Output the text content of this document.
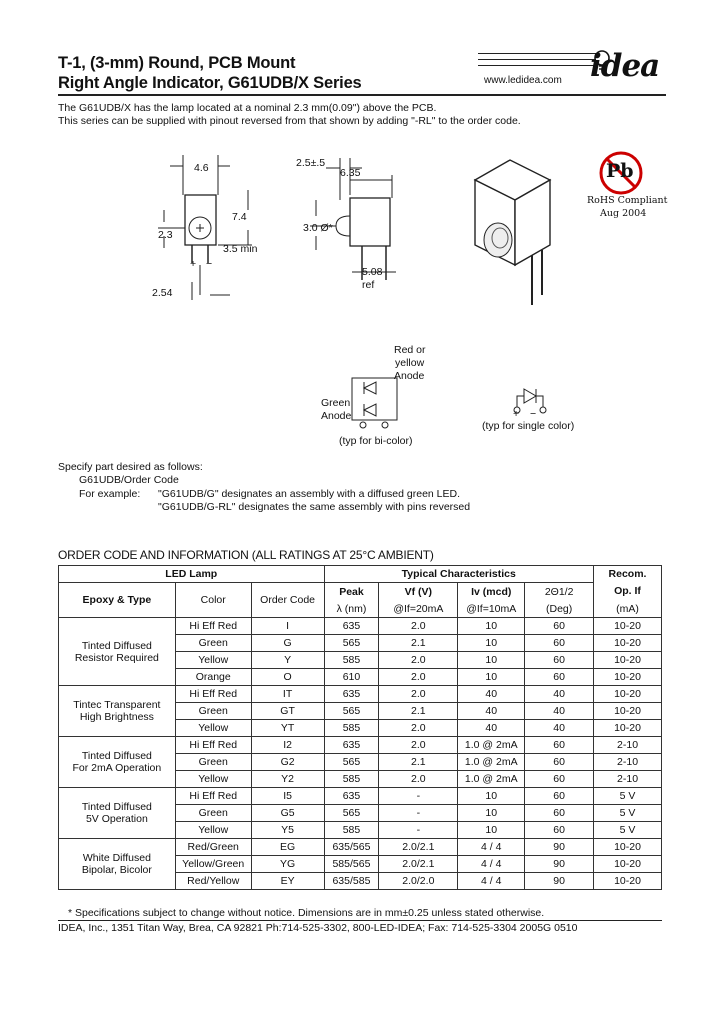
T-1, (3-mm) Round, PCB Mount
Right Angle Indicator, G61UDB/X Series	www.ledidea.com idea
The G61UDB/X has the lamp located at a nominal 2.3 mm(0.09") above the PCB.
This series can be supplied with pinout reversed from that shown by adding "-RL" to the order code.
4.6
7.4
2.3
3.5 min
+ −
2.54
2.5±.5
6.35
3.0 Ø*
5.08
ref
Pb
RoHS Compliant
Aug 2004
Red or
yellow
Anode
Green
Anode
(typ for bi-color)
+ −
(typ for single color)
Specify part desired as follows:
G61UDB/Order Code
For example: "G61UDB/G" designates an assembly with a diffused green LED.
"G61UDB/G-RL" designates the same assembly with pins reversed
ORDER CODE AND INFORMATION (ALL RATINGS AT 25°C AMBIENT)
LED Lamp			Typical Characteristics				Recom.
Epoxy & Type	Color	Order Code	Peak	Vf (V)	Iv (mcd)	2Θ1/2	Op. If
			λ (nm)	@If=20mA	@If=10mA	(Deg)	(mA)

Tinted Diffused
Resistor Required	Hi Eff Red	I	635	2.0	10	60	10-20
	Green	G	565	2.1	10	60	10-20
	Yellow	Y	585	2.0	10	60	10-20
	Orange	O	610	2.0	10	60	10-20

Tintec Transparent
High Brightness	Hi Eff Red	IT	635	2.0	40	40	10-20
	Green	GT	565	2.1	40	40	10-20
	Yellow	YT	585	2.0	40	40	10-20

Tinted Diffused
For 2mA Operation	Hi Eff Red	I2	635	2.0	1.0 @ 2mA	60	2-10
	Green	G2	565	2.1	1.0 @ 2mA	60	2-10
	Yellow	Y2	585	2.0	1.0 @ 2mA	60	2-10

Tinted Diffused
5V Operation	Hi Eff Red	I5	635	-	10	60	5 V
	Green	G5	565	-	10	60	5 V
	Yellow	Y5	585	-	10	60	5 V

White Diffused
Bipolar, Bicolor	Red/Green	EG	635/565	2.0/2.1	4 / 4	90	10-20
	Yellow/Green	YG	585/565	2.0/2.1	4 / 4	90	10-20
	Red/Yellow	EY	635/585	2.0/2.0	4 / 4	90	10-20
* Specifications subject to change without notice. Dimensions are in mm±0.25 unless stated otherwise.
IDEA, Inc., 1351 Titan Way, Brea, CA 92821 Ph:714-525-3302, 800-LED-IDEA; Fax: 714-525-3304 2005G 0510
